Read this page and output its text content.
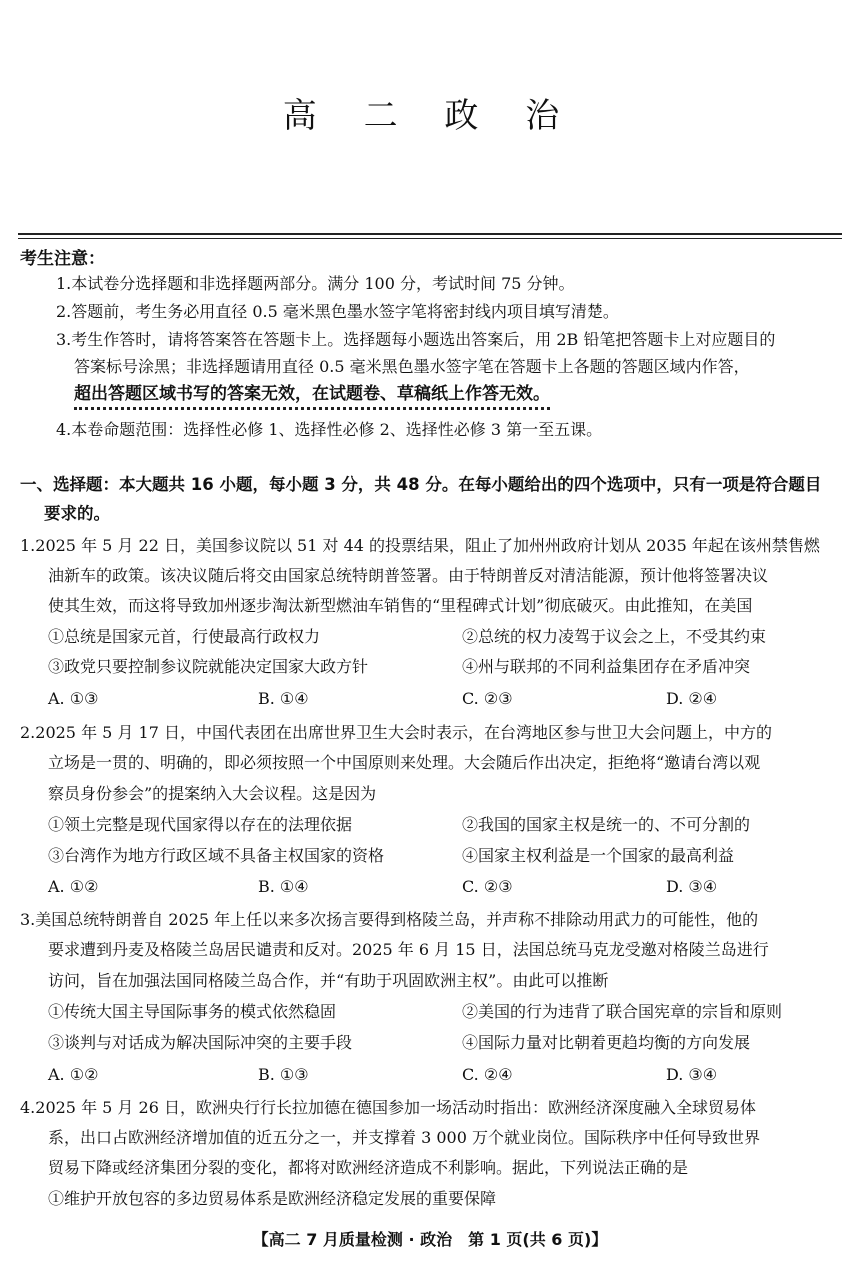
高 二 政 治
考生注意：
1.本试卷分选择题和非选择题两部分。满分 100 分，考试时间 75 分钟。
2.答题前，考生务必用直径 0.5 毫米黑色墨水签字笔将密封线内项目填写清楚。
3.考生作答时，请将答案答在答题卡上。选择题每小题选出答案后，用 2B 铅笔把答题卡上对应题目的
答案标号涂黑；非选择题请用直径 0.5 毫米黑色墨水签字笔在答题卡上各题的答题区域内作答，
超出答题区域书写的答案无效，在试题卷、草稿纸上作答无效。
4.本卷命题范围：选择性必修 1、选择性必修 2、选择性必修 3 第一至五课。
一、选择题：本大题共 16 小题，每小题 3 分，共 48 分。在每小题给出的四个选项中，只有一项是符合题目
要求的。
1.2025 年 5 月 22 日，美国参议院以 51 对 44 的投票结果，阻止了加州州政府计划从 2035 年起在该州禁售燃
油新车的政策。该决议随后将交由国家总统特朗普签署。由于特朗普反对清洁能源，预计他将签署决议
使其生效，而这将导致加州逐步淘汰新型燃油车销售的“里程碑式计划”彻底破灭。由此推知，在美国
①总统是国家元首，行使最高行政权力	②总统的权力凌驾于议会之上，不受其约束
③政党只要控制参议院就能决定国家大政方针	④州与联邦的不同利益集团存在矛盾冲突
A. ①③	B. ①④	C. ②③	D. ②④
2.2025 年 5 月 17 日，中国代表团在出席世界卫生大会时表示，在台湾地区参与世卫大会问题上，中方的
立场是一贯的、明确的，即必须按照一个中国原则来处理。大会随后作出决定，拒绝将“邀请台湾以观
察员身份参会”的提案纳入大会议程。这是因为
①领土完整是现代国家得以存在的法理依据	②我国的国家主权是统一的、不可分割的
③台湾作为地方行政区域不具备主权国家的资格	④国家主权利益是一个国家的最高利益
A. ①②	B. ①④	C. ②③	D. ③④
3.美国总统特朗普自 2025 年上任以来多次扬言要得到格陵兰岛，并声称不排除动用武力的可能性，他的
要求遭到丹麦及格陵兰岛居民谴责和反对。2025 年 6 月 15 日，法国总统马克龙受邀对格陵兰岛进行
访问，旨在加强法国同格陵兰岛合作，并“有助于巩固欧洲主权”。由此可以推断
①传统大国主导国际事务的模式依然稳固	②美国的行为违背了联合国宪章的宗旨和原则
③谈判与对话成为解决国际冲突的主要手段	④国际力量对比朝着更趋均衡的方向发展
A. ①②	B. ①③	C. ②④	D. ③④
4.2025 年 5 月 26 日，欧洲央行行长拉加德在德国参加一场活动时指出：欧洲经济深度融入全球贸易体
系，出口占欧洲经济增加值的近五分之一，并支撑着 3 000 万个就业岗位。国际秩序中任何导致世界
贸易下降或经济集团分裂的变化，都将对欧洲经济造成不利影响。据此，下列说法正确的是
①维护开放包容的多边贸易体系是欧洲经济稳定发展的重要保障
【高二 7 月质量检测 · 政治　第 1 页(共 6 页)】
